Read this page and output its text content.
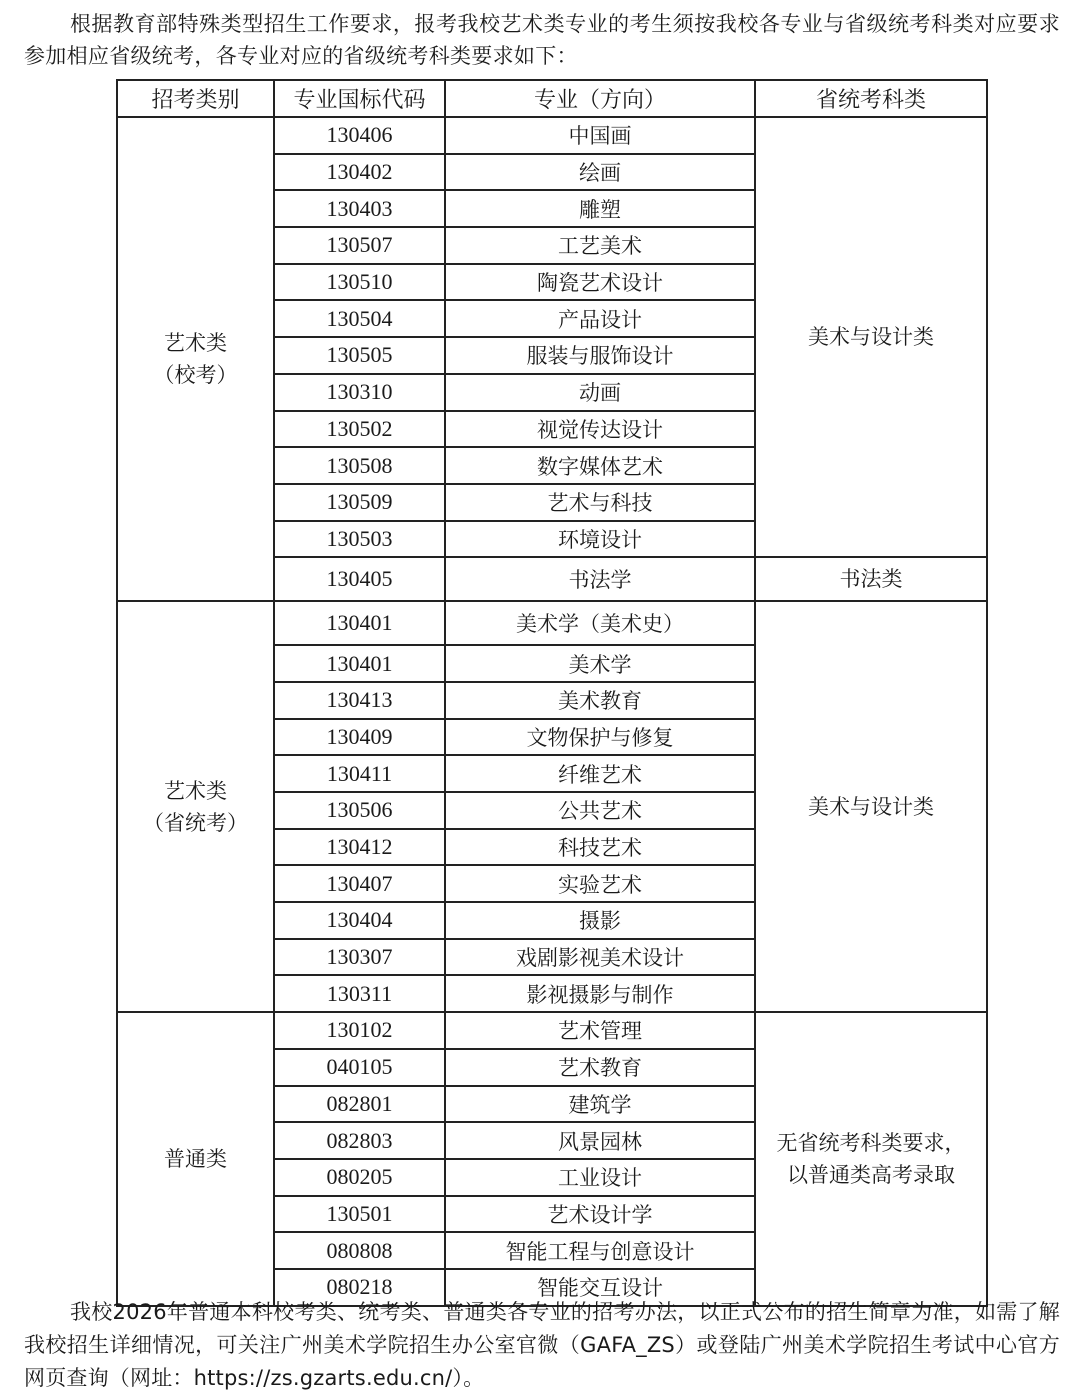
根据教育部特殊类型招生工作要求，报考我校艺术类专业的考生须按我校各专业与省级统考科类对应要求参加相应省级统考，各专业对应的省级统考科类要求如下：

招考类别	专业国标代码	专业（方向）	省统考科类

艺术类
（校考）	130406	中国画	美术与设计类
	130402	绘画	
	130403	雕塑	
	130507	工艺美术	
	130510	陶瓷艺术设计	
	130504	产品设计	
	130505	服装与服饰设计	
	130310	动画	
	130502	视觉传达设计	
	130508	数字媒体艺术	
	130509	艺术与科技	
	130503	环境设计	
	130405	书法学	书法类

艺术类
（省统考）	130401	美术学（美术史）	美术与设计类
	130401	美术学	
	130413	美术教育	
	130409	文物保护与修复	
	130411	纤维艺术	
	130506	公共艺术	
	130412	科技艺术	
	130407	实验艺术	
	130404	摄影	
	130307	戏剧影视美术设计	
	130311	影视摄影与制作	

普通类	130102	艺术管理	无省统考科类要求，以普通类高考录取
	040105	艺术教育	
	082801	建筑学	
	082803	风景园林	
	080205	工业设计	
	130501	艺术设计学	
	080808	智能工程与创意设计	
	080218	智能交互设计	

我校2026年普通本科校考类、统考类、普通类各专业的招考办法，以正式公布的招生简章为准，如需了解我校招生详细情况，可关注广州美术学院招生办公室官微（GAFA_ZS）或登陆广州美术学院招生考试中心官方网页查询（网址：https://zs.gzarts.edu.cn/）。
